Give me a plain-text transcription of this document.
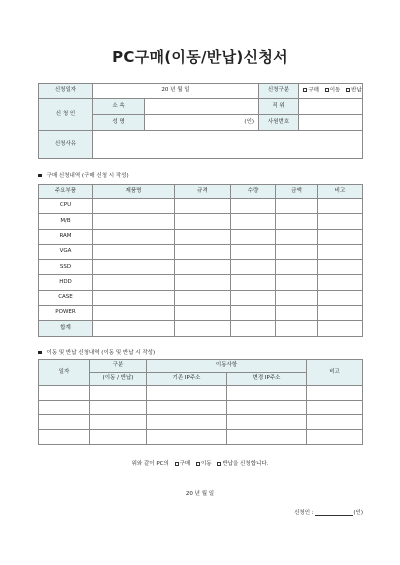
PC구매(이동/반납)신청서
신청일자	20 년 월 일		신청구분	구매 이동 반납
신 청 인	소 속		직 위	
	성 명	(인)	사원번호	
신청사유				
구매 신청내역 (구매 신청 시 작성)
주요부품	제품명	규격	수량	금액	비고
CPU					
M/B					
RAM					
VGA					
SSD					
HDD					
CASE					
POWER					
합계					
이동 및 반납 신청내역 (이동 및 반납 시 작성)
일자	구분	이동사항		비고
	(이동 / 반납)	기존 IP주소	변경 IP주소	

위와 같이 PC의 구매 이동 반납을 신청합니다.
20 년 월 일
신청인 :	(인)
